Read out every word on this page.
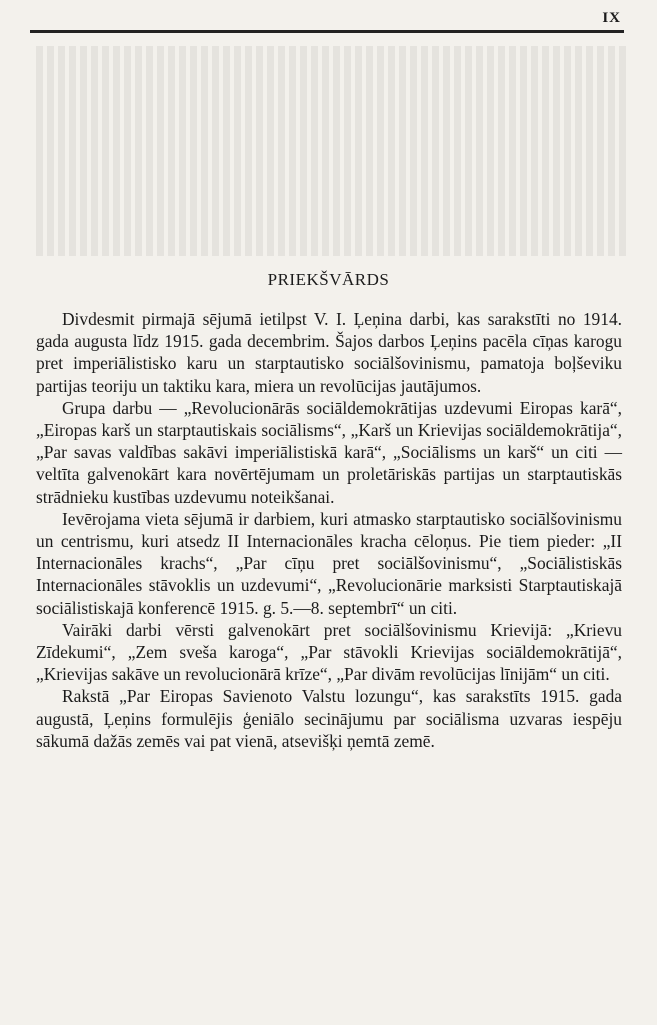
IX
PRIEKŠVĀRDS

Divdesmit pirmajā sējumā ietilpst V. I. Ļeņina darbi, kas sarakstīti no 1914. gada augusta līdz 1915. gada decembrim. Šajos darbos Ļeņins pacēla cīņas karogu pret imperiālistisko karu un starptautisko sociālšovinismu, pamatoja boļševiku partijas teoriju un taktiku kara, miera un revolūcijas jautājumos.

Grupa darbu — „Revolucionārās sociāldemokrātijas uzdevumi Eiropas karā“, „Eiropas karš un starptautiskais sociālisms“, „Karš un Krievijas sociāldemokrātija“, „Par savas valdības sakāvi imperiālistiskā karā“, „Sociālisms un karš“ un citi — veltīta galvenokārt kara novērtējumam un proletāriskās partijas un starptautiskās strādnieku kustības uzdevumu noteikšanai.

Ievērojama vieta sējumā ir darbiem, kuri atmasko starptautisko sociālšovinismu un centrismu, kuri atsedz II Internacionāles kracha cēloņus. Pie tiem pieder: „II Internacionāles krachs“, „Par cīņu pret sociālšovinismu“, „Sociālistiskās Internacionāles stāvoklis un uzdevumi“, „Revolucionārie marksisti Starptautiskajā sociālistiskajā konferencē 1915. g. 5.—8. septembrī“ un citi.

Vairāki darbi vērsti galvenokārt pret sociālšovinismu Krievijā: „Krievu Zīdekumi“, „Zem sveša karoga“, „Par stāvokli Krievijas sociāldemokrātijā“, „Krievijas sakāve un revolucionārā krīze“, „Par divām revolūcijas līnijām“ un citi.

Rakstā „Par Eiropas Savienoto Valstu lozungu“, kas sarakstīts 1915. gada augustā, Ļeņins formulējis ģeniālo secinājumu par sociālisma uzvaras iespēju sākumā dažās zemēs vai pat vienā, atsevišķi ņemtā zemē.
